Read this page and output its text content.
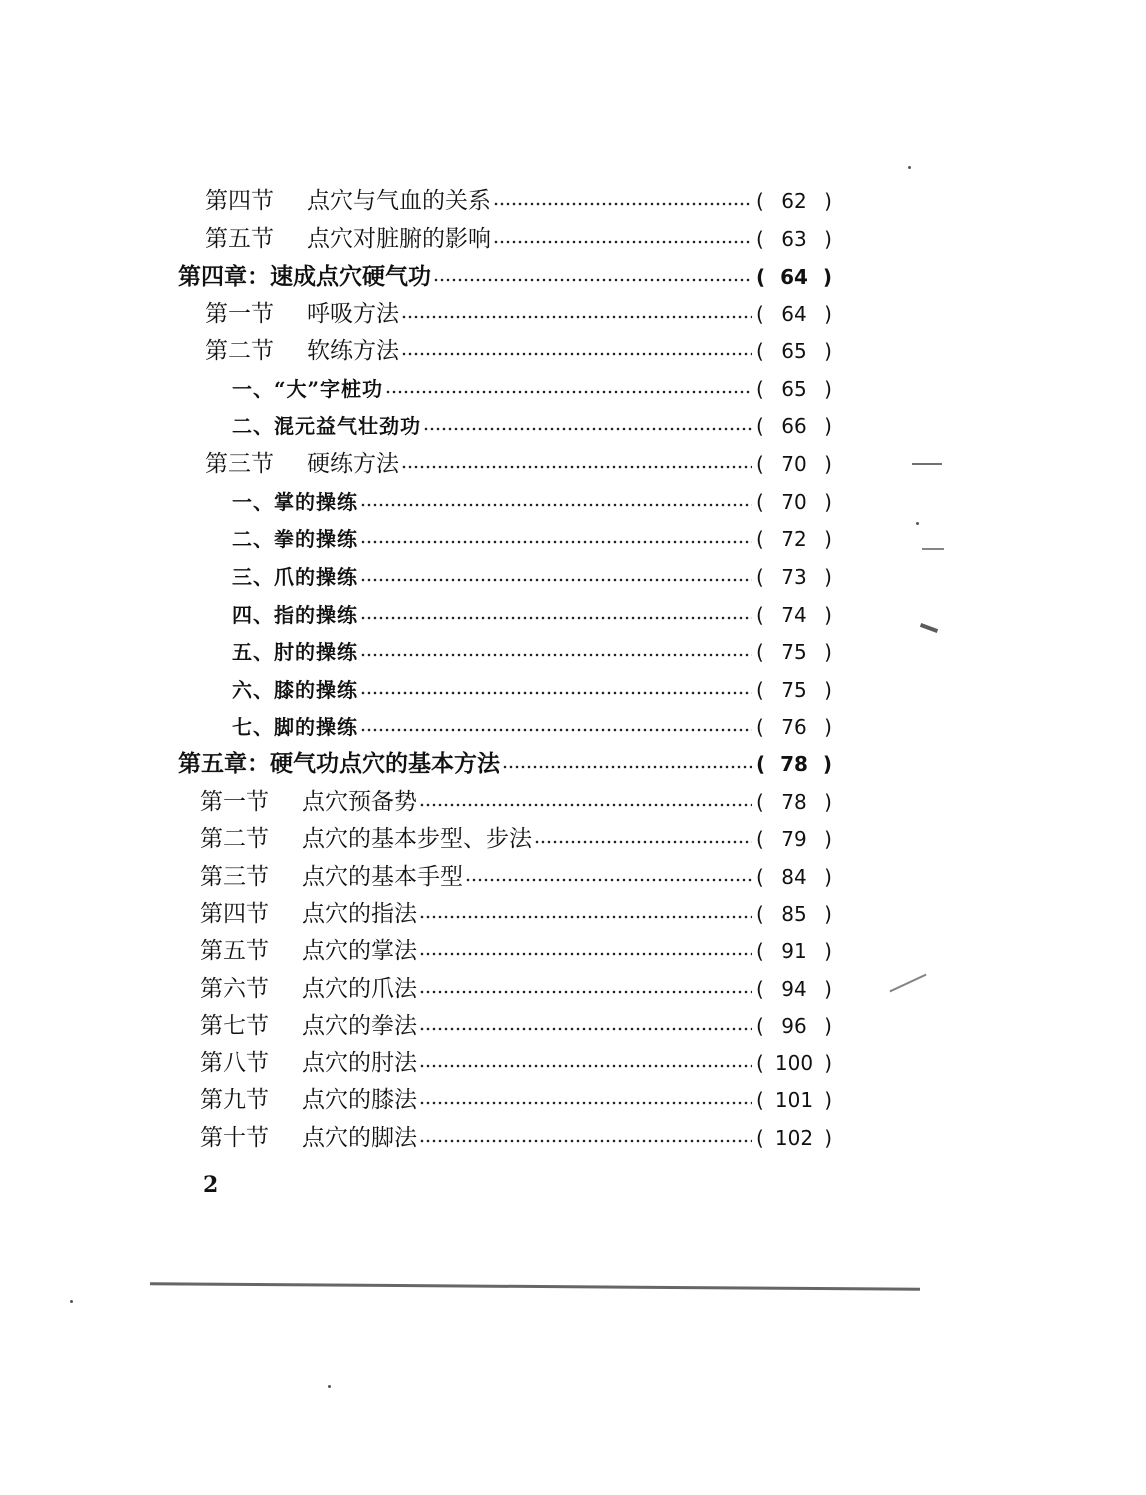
第四节	点穴与气血的关系	( 62 )
第五节	点穴对脏腑的影响	( 63 )
第四章：速成点穴硬气功	( 64 )
第一节	呼吸方法	( 64 )
第二节	软练方法	( 65 )
一、“大”字桩功	( 65 )
二、混元益气壮劲功	( 66 )
第三节	硬练方法	( 70 )
一、掌的操练	( 70 )
二、拳的操练	( 72 )
三、爪的操练	( 73 )
四、指的操练	( 74 )
五、肘的操练	( 75 )
六、膝的操练	( 75 )
七、脚的操练	( 76 )
第五章：硬气功点穴的基本方法	( 78 )
第一节	点穴预备势	( 78 )
第二节	点穴的基本步型、步法	( 79 )
第三节	点穴的基本手型	( 84 )
第四节	点穴的指法	( 85 )
第五节	点穴的掌法	( 91 )
第六节	点穴的爪法	( 94 )
第七节	点穴的拳法	( 96 )
第八节	点穴的肘法	( 100 )
第九节	点穴的膝法	( 101 )
第十节	点穴的脚法	( 102 )
2
